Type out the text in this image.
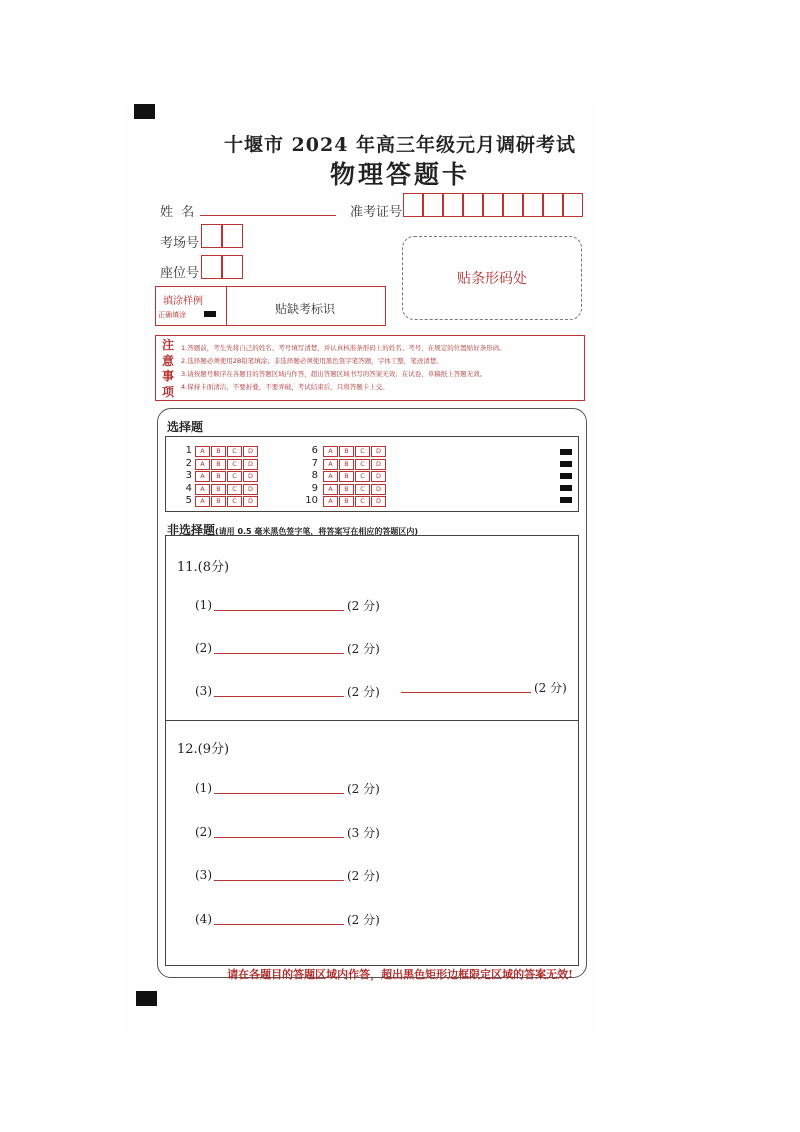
十堰市 2024 年高三年级元月调研考试
物理答题卡
姓  名	准考证号
考场号
座位号	贴条形码处
填涂样例
正确填涂	贴缺考标识
注
意
事
项
1.答题前，考生先将自己的姓名、考号填写清楚，并认真核准条形码上的姓名、考号，在规定的位置贴好条形码。
2.选择题必须使用2B铅笔填涂；非选择题必须使用黑色签字笔答题，字体工整，笔迹清楚。
3.请按题号顺序在各题目的答题区域内作答，超出答题区域书写的答案无效；在试卷、草稿纸上答题无效。
4.保持卡面清洁，不要折叠，不要弄破，考试结束后，只将答题卡上交。
选择题
1	A	B	C	D
2	A	B	C	D
3	A	B	C	D
4	A	B	C	D
5	A	B	C	D
6	A	B	C	D
7	A	B	C	D
8	A	B	C	D
9	A	B	C	D
10	A	B	C	D
非选择题(请用 0.5 毫米黑色签字笔，将答案写在相应的答题区内)
11.(8分)
(1)	(2 分)
(2)	(2 分)
(3)	(2 分)	(2 分)
12.(9分)
(1)	(2 分)
(2)	(3 分)
(3)	(2 分)
(4)	(2 分)
请在各题目的答题区域内作答，超出黑色矩形边框限定区域的答案无效!
